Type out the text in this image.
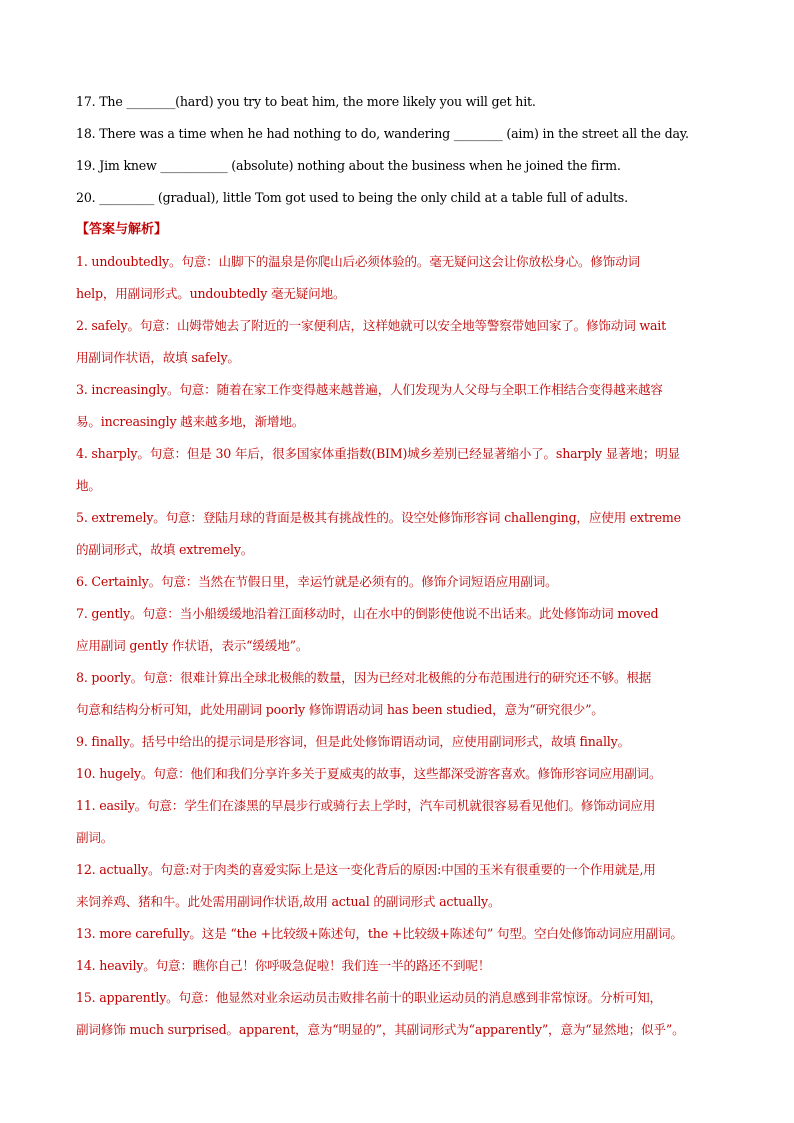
17. The ________(hard) you try to beat him, the more likely you will get hit.
18. There was a time when he had nothing to do, wandering ________ (aim) in the street all the day.
19. Jim knew ___________ (absolute) nothing about the business when he joined the firm.
20. _________ (gradual), little Tom got used to being the only child at a table full of adults.
【答案与解析】
1. undoubtedly。句意：山脚下的温泉是你爬山后必须体验的。毫无疑问这会让你放松身心。修饰动词
help，用副词形式。undoubtedly 毫无疑问地。
2. safely。句意：山姆带她去了附近的一家便利店，这样她就可以安全地等警察带她回家了。修饰动词 wait
用副词作状语，故填 safely。
3. increasingly。句意：随着在家工作变得越来越普遍，人们发现为人父母与全职工作相结合变得越来越容
易。increasingly 越来越多地，渐增地。
4. sharply。句意：但是 30 年后，很多国家体重指数(BIM)城乡差别已经显著缩小了。sharply 显著地；明显
地。
5. extremely。句意：登陆月球的背面是极其有挑战性的。设空处修饰形容词 challenging，应使用 extreme
的副词形式，故填 extremely。
6. Certainly。句意：当然在节假日里，幸运竹就是必须有的。修饰介词短语应用副词。
7. gently。句意：当小船缓缓地沿着江面移动时，山在水中的倒影使他说不出话来。此处修饰动词 moved
应用副词 gently 作状语，表示“缓缓地”。
8. poorly。句意：很难计算出全球北极熊的数量，因为已经对北极熊的分布范围进行的研究还不够。根据
句意和结构分析可知，此处用副词 poorly 修饰谓语动词 has been studied，意为“研究很少”。
9. finally。括号中给出的提示词是形容词，但是此处修饰谓语动词，应使用副词形式，故填 finally。
10. hugely。句意：他们和我们分享许多关于夏威夷的故事，这些都深受游客喜欢。修饰形容词应用副词。
11. easily。句意：学生们在漆黑的早晨步行或骑行去上学时，汽车司机就很容易看见他们。修饰动词应用
副词。
12. actually。句意:对于肉类的喜爱实际上是这一变化背后的原因:中国的玉米有很重要的一个作用就是,用
来饲养鸡、猪和牛。此处需用副词作状语,故用 actual 的副词形式 actually。
13. more carefully。这是 “the +比较级+陈述句，the +比较级+陈述句” 句型。空白处修饰动词应用副词。
14. heavily。句意：瞧你自己！你呼吸急促啦！我们连一半的路还不到呢！
15. apparently。句意：他显然对业余运动员击败排名前十的职业运动员的消息感到非常惊讶。分析可知，
副词修饰 much surprised。apparent，意为“明显的”，其副词形式为“apparently”，意为“显然地；似乎”。
